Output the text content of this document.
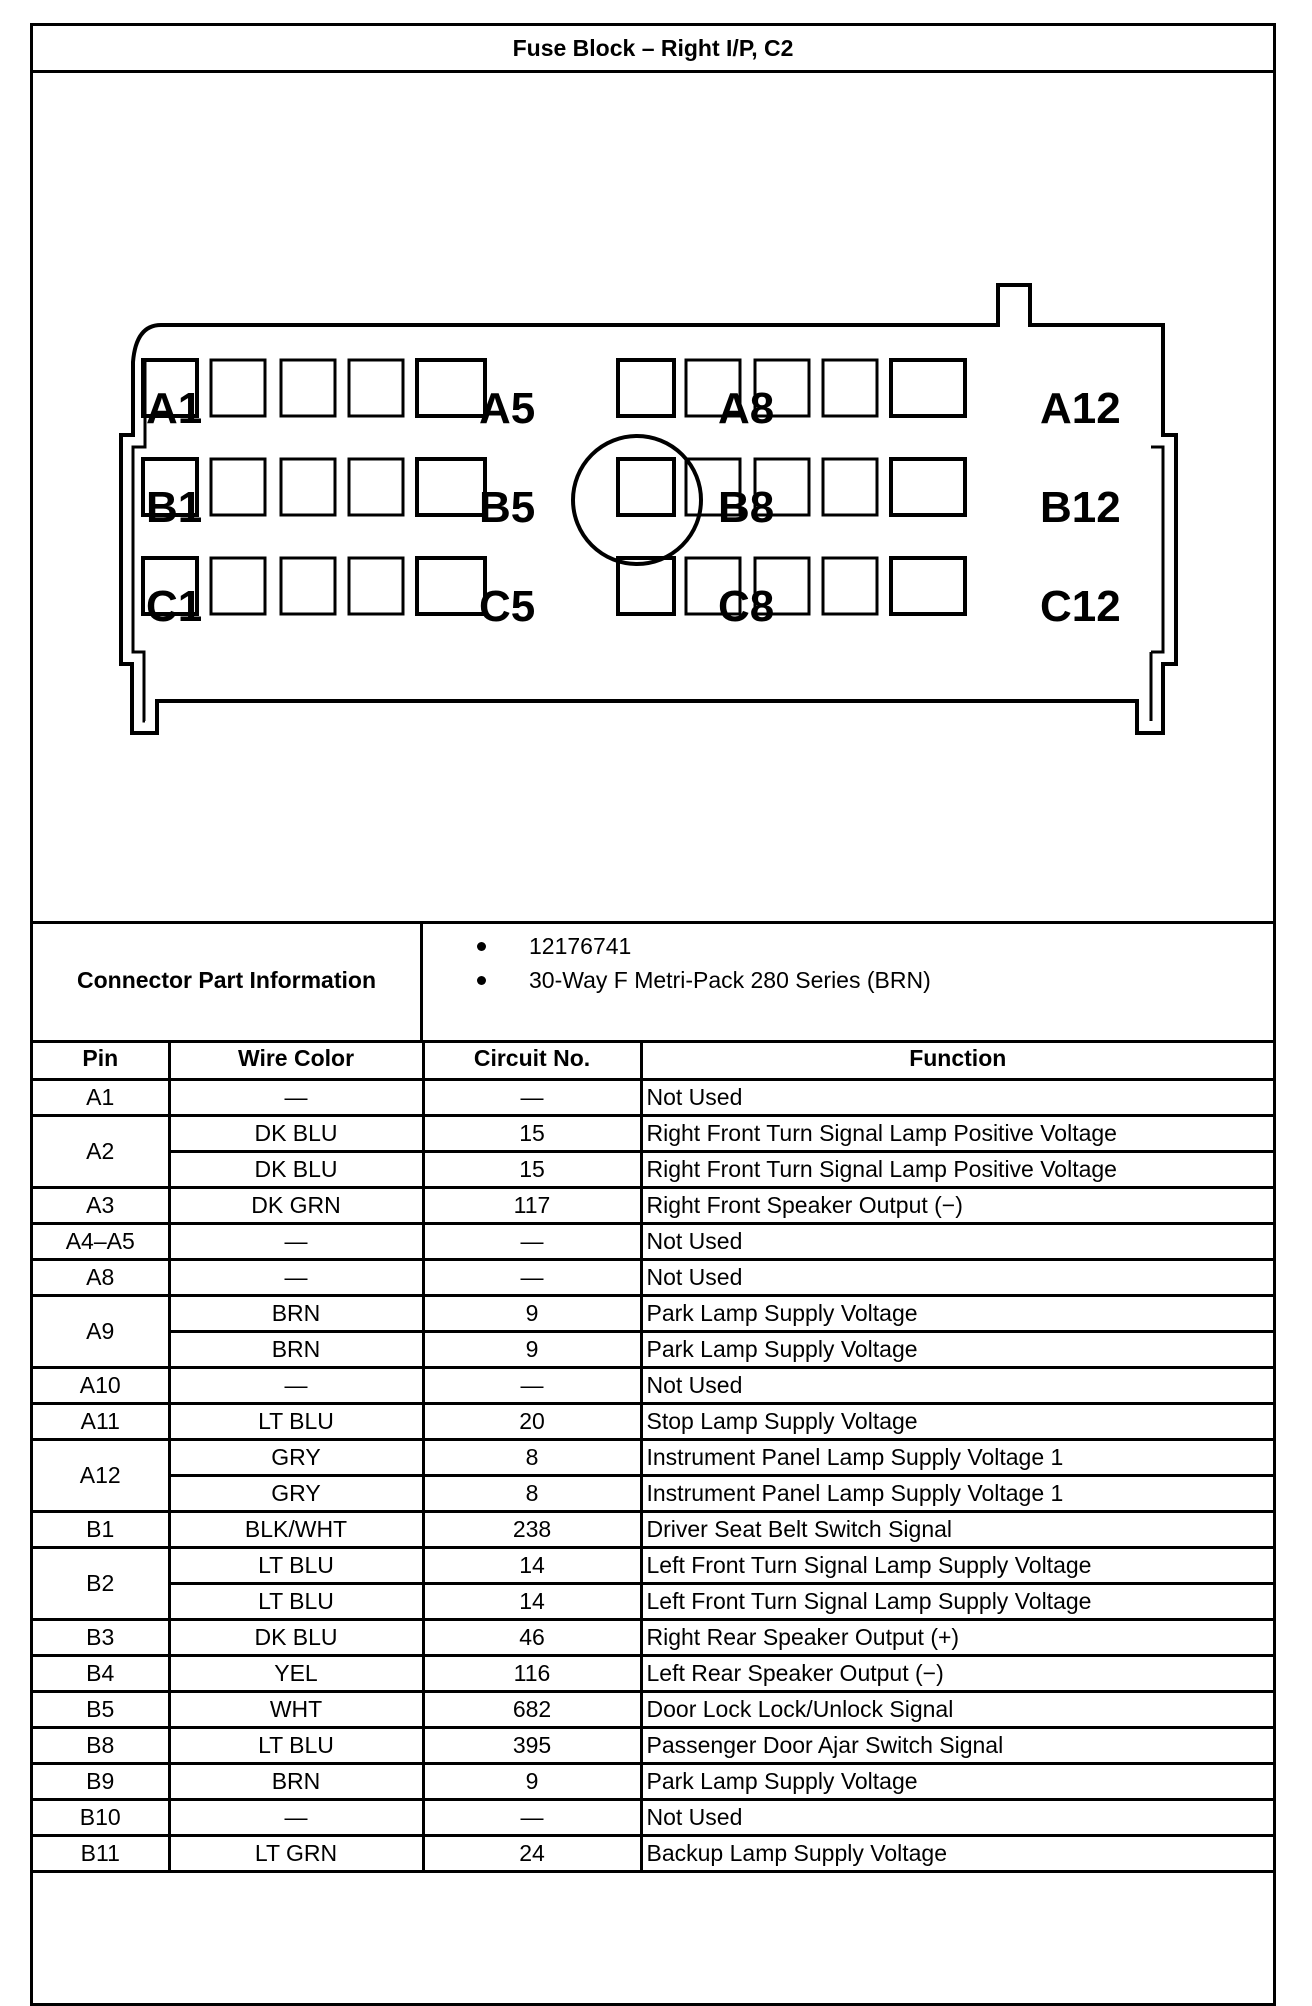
Fuse Block – Right I/P, C2
A1	A5	A8	A12
B1	B5	B8	B12
C1	C5	C8	C12
Connector Part Information
12176741
30-Way F Metri-Pack 280 Series (BRN)
Pin	Wire Color	Circuit No.	Function
A1	—	—	Not Used
A2	DK BLU	15	Right Front Turn Signal Lamp Positive Voltage
	DK BLU	15	Right Front Turn Signal Lamp Positive Voltage
A3	DK GRN	117	Right Front Speaker Output (−)
A4–A5	—	—	Not Used
A8	—	—	Not Used
A9	BRN	9	Park Lamp Supply Voltage
	BRN	9	Park Lamp Supply Voltage
A10	—	—	Not Used
A11	LT BLU	20	Stop Lamp Supply Voltage
A12	GRY	8	Instrument Panel Lamp Supply Voltage 1
	GRY	8	Instrument Panel Lamp Supply Voltage 1
B1	BLK/WHT	238	Driver Seat Belt Switch Signal
B2	LT BLU	14	Left Front Turn Signal Lamp Supply Voltage
	LT BLU	14	Left Front Turn Signal Lamp Supply Voltage
B3	DK BLU	46	Right Rear Speaker Output (+)
B4	YEL	116	Left Rear Speaker Output (−)
B5	WHT	682	Door Lock Lock/Unlock Signal
B8	LT BLU	395	Passenger Door Ajar Switch Signal
B9	BRN	9	Park Lamp Supply Voltage
B10	—	—	Not Used
B11	LT GRN	24	Backup Lamp Supply Voltage
